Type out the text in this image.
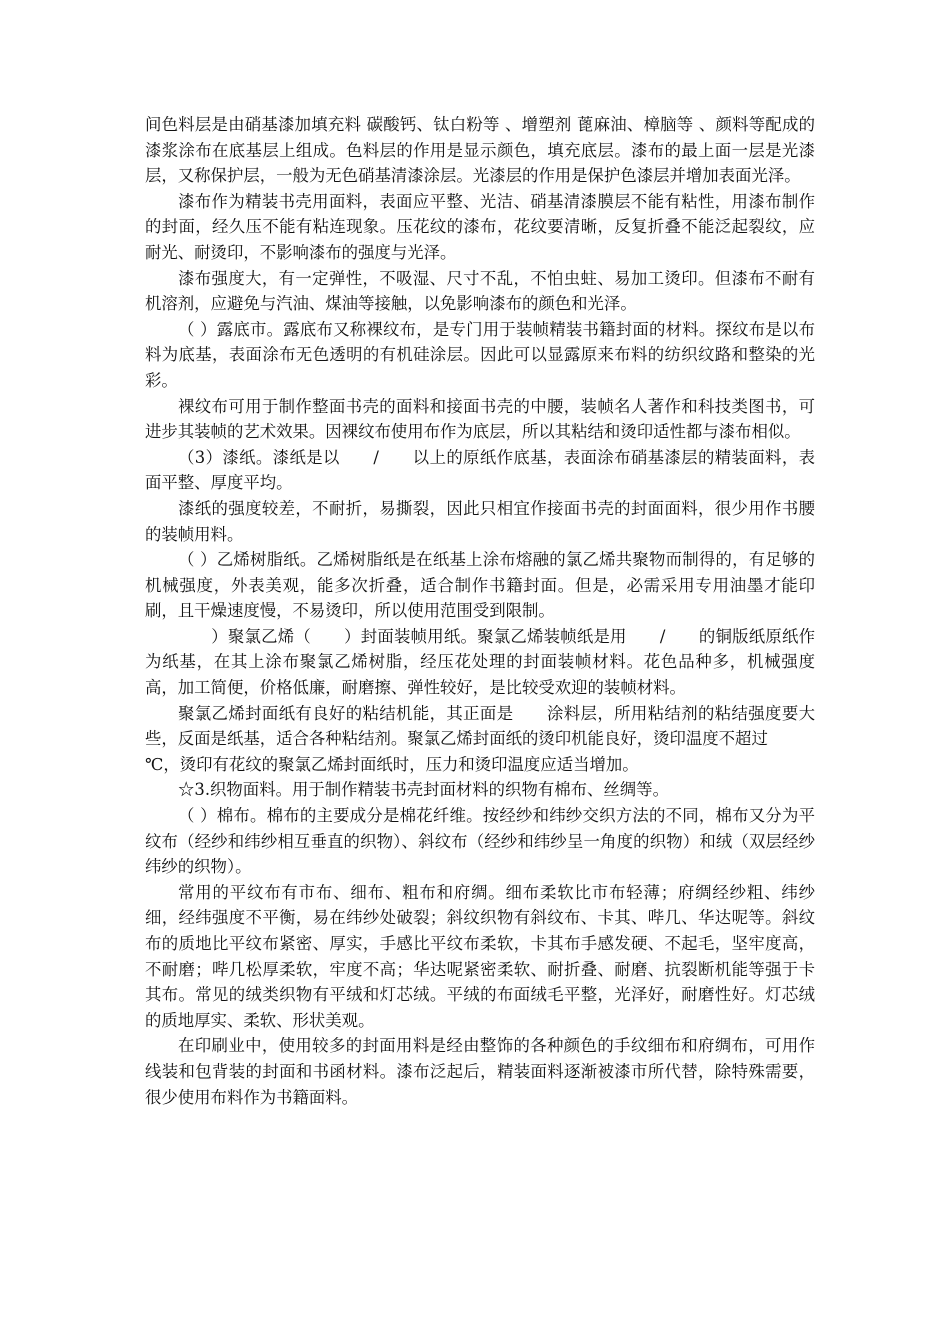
间色料层是由硝基漆加填充料 碳酸钙、钛白粉等 、增塑剂 蓖麻油、樟脑等 、颜料等配成的漆浆涂布在底基层上组成。色料层的作用是显示颜色，填充底层。漆布的最上面一层是光漆层，又称保护层，一般为无色硝基清漆涂层。光漆层的作用是保护色漆层并增加表面光泽。

漆布作为精装书壳用面料，表面应平整、光洁、硝基清漆膜层不能有粘性，用漆布制作的封面，经久压不能有粘连现象。压花纹的漆布，花纹要清晰，反复折叠不能泛起裂纹，应耐光、耐烫印，不影响漆布的强度与光泽。

漆布强度大，有一定弹性，不吸湿、尺寸不乱，不怕虫蛀、易加工烫印。但漆布不耐有机溶剂，应避免与汽油、煤油等接触，以免影响漆布的颜色和光泽。

（ ）露底市。露底布又称裸纹布，是专门用于装帧精装书籍封面的材料。探纹布是以布料为底基，表面涂布无色透明的有机硅涂层。因此可以显露原来布料的纺织纹路和整染的光彩。

裸纹布可用于制作整面书壳的面料和接面书壳的中腰，装帧名人著作和科技类图书，可进步其装帧的艺术效果。因裸纹布使用布作为底层，所以其粘结和烫印适性都与漆布相似。

（3）漆纸。漆纸是以　　/　　以上的原纸作底基，表面涂布硝基漆层的精装面料，表面平整、厚度平均。

漆纸的强度较差，不耐折，易撕裂，因此只相宜作接面书壳的封面面料，很少用作书腰的装帧用料。

（ ）乙烯树脂纸。乙烯树脂纸是在纸基上涂布熔融的氯乙烯共聚物而制得的，有足够的机械强度，外表美观，能多次折叠，适合制作书籍封面。但是，必需采用专用油墨才能印刷，且干燥速度慢，不易烫印，所以使用范围受到限制。

　　）聚氯乙烯（　　）封面装帧用纸。聚氯乙烯装帧纸是用　　/　　的铜版纸原纸作为纸基，在其上涂布聚氯乙烯树脂，经压花处理的封面装帧材料。花色品种多，机械强度高，加工简便，价格低廉，耐磨擦、弹性较好，是比较受欢迎的装帧材料。

聚氯乙烯封面纸有良好的粘结机能，其正面是　　涂料层，所用粘结剂的粘结强度要大些，反面是纸基，适合各种粘结剂。聚氯乙烯封面纸的烫印机能良好，烫印温度不超过

℃，烫印有花纹的聚氯乙烯封面纸时，压力和烫印温度应适当增加。

☆3.织物面料。用于制作精装书壳封面材料的织物有棉布、丝绸等。

（ ）棉布。棉布的主要成分是棉花纤维。按经纱和纬纱交织方法的不同，棉布又分为平纹布（经纱和纬纱相互垂直的织物）、斜纹布（经纱和纬纱呈一角度的织物）和绒（双层经纱纬纱的织物）。

常用的平纹布有市布、细布、粗布和府绸。细布柔软比市布轻薄；府绸经纱粗、纬纱细，经纬强度不平衡，易在纬纱处破裂；斜纹织物有斜纹布、卡其、哔几、华达呢等。斜纹布的质地比平纹布紧密、厚实，手感比平纹布柔软，卡其布手感发硬、不起毛，坚牢度高，不耐磨；哔几松厚柔软，牢度不高；华达呢紧密柔软、耐折叠、耐磨、抗裂断机能等强于卡其布。常见的绒类织物有平绒和灯芯绒。平绒的布面绒毛平整，光泽好，耐磨性好。灯芯绒的质地厚实、柔软、形状美观。

在印刷业中，使用较多的封面用料是经由整饰的各种颜色的手纹细布和府绸布，可用作线装和包背装的封面和书函材料。漆布泛起后，精装面料逐渐被漆市所代替，除特殊需要，很少使用布料作为书籍面料。
